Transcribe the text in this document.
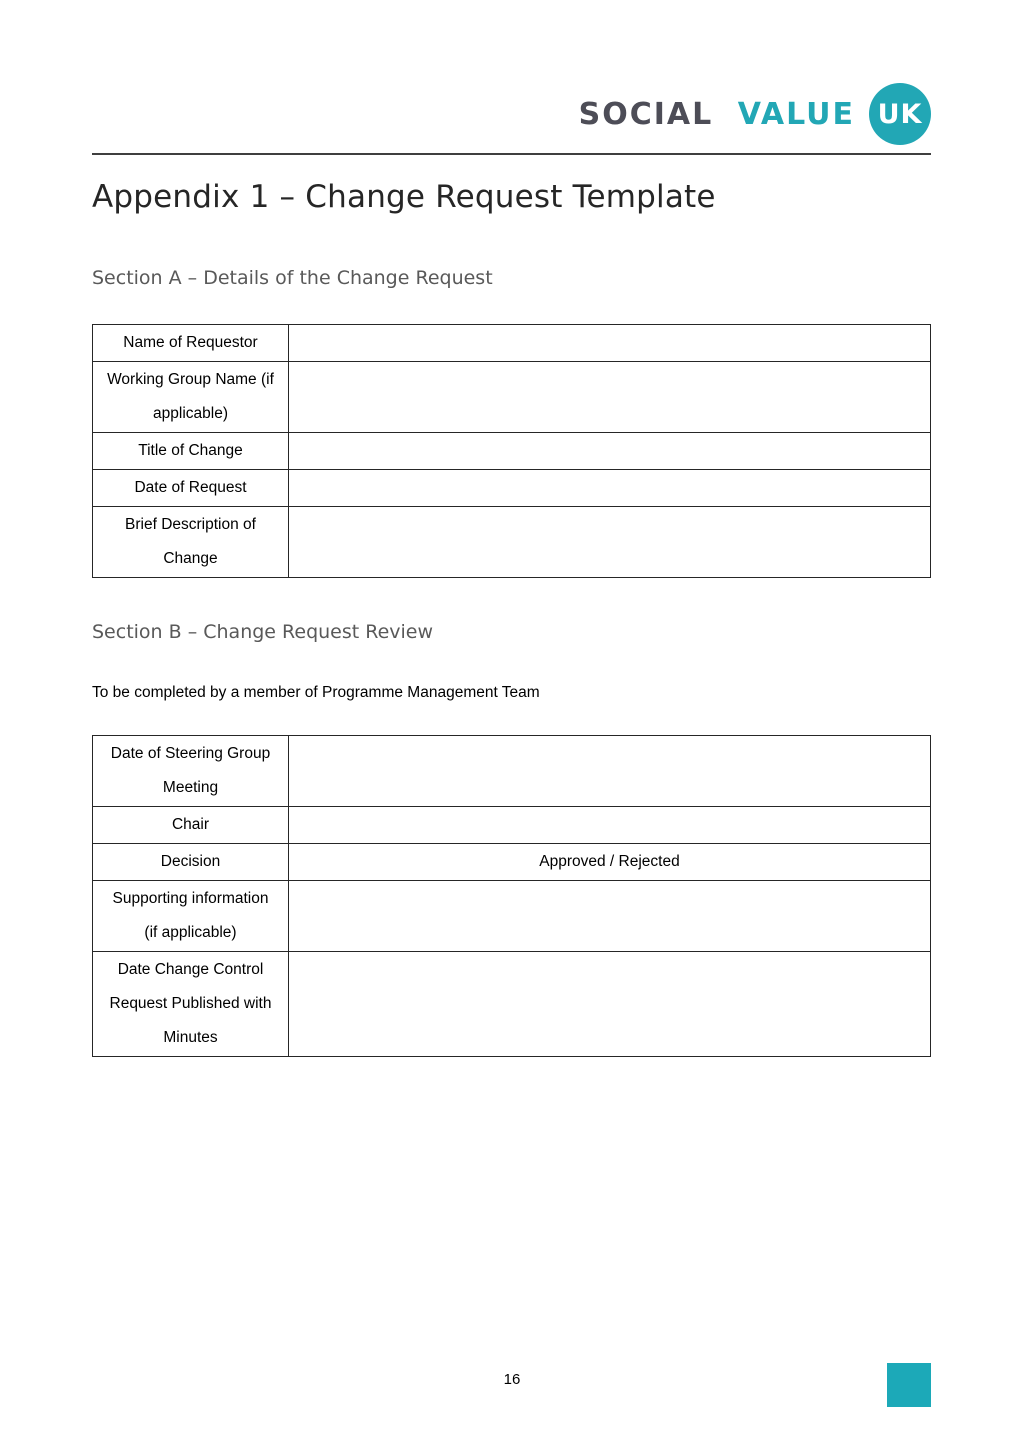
SOCIAL VALUE UK
Appendix 1 – Change Request Template
Section A – Details of the Change Request
Name of Requestor	
Working Group Name (if applicable)	
Title of Change	
Date of Request	
Brief Description of Change	
Section B – Change Request Review

To be completed by a member of Programme Management Team

Date of Steering Group Meeting	
Chair	
Decision	Approved / Rejected
Supporting information (if applicable)	
Date Change Control Request Published with Minutes	
16
